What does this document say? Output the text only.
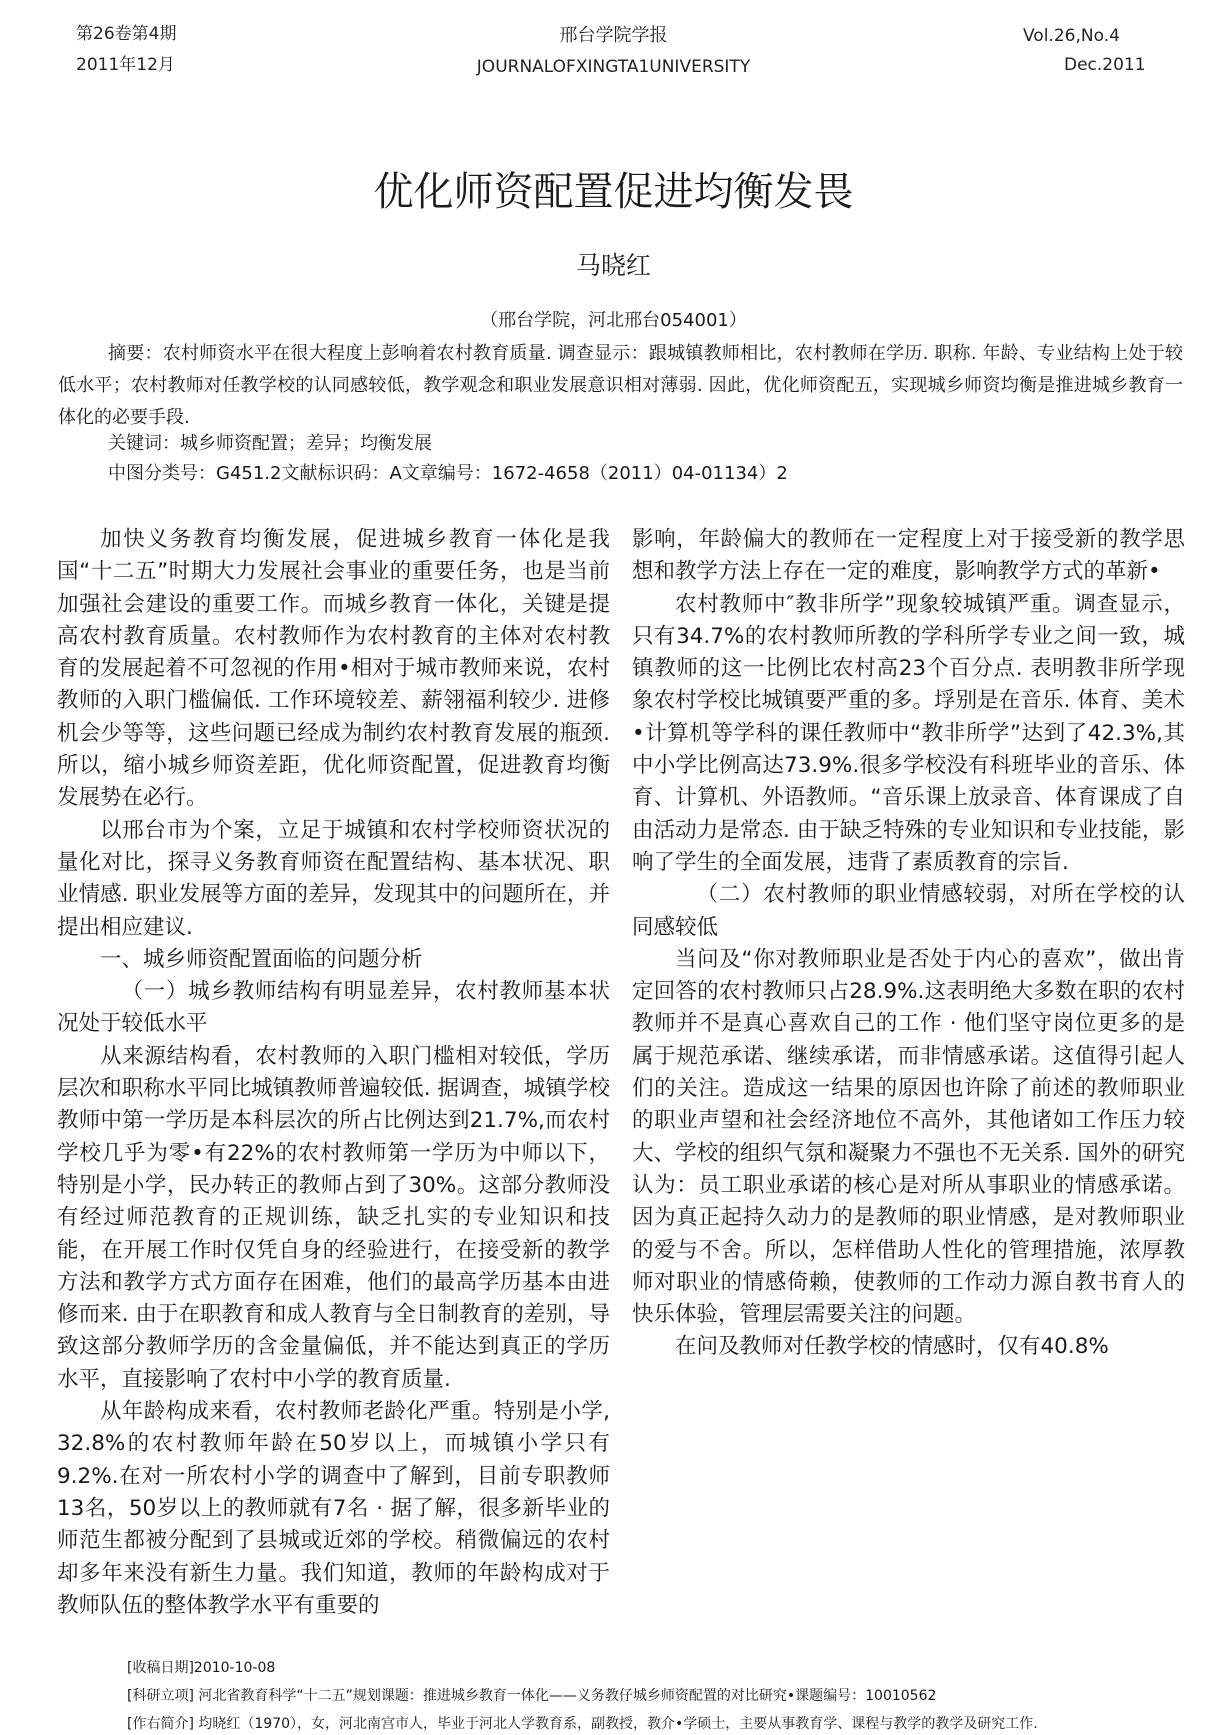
第26卷第4期
2011年12月
邢台学院学报
JOURNALOFXINGTA1UNIVERSITY
Vol.26,No.4
Dec.2011
优化师资配置促进均衡发畏
马晓红
（邢台学院，河北邢台054001）

摘要：农村师资水平在很大程度上彭响着农村教育质量. 调查显示：跟城镇教师相比，农村教师在学历. 职称. 年龄、专业结构上处于较低水平；农村教师对任教学校的认同感较低，教学观念和职业发展意识相对薄弱. 因此，优化师资配五，实现城乡师资均衡是推进城乡教育一体化的必要手段.

关键词：城乡师资配置；差异；均衡发展
中图分类号：G451.2文献标识码：A文章编号：1672-4658（2011）04-01134）2

加快义务教育均衡发展，促进城乡教育一体化是我国“十二五”时期大力发展社会事业的重要任务，也是当前加强社会建设的重要工作。而城乡教育一体化，关键是提高农村教育质量。农村教师作为农村教育的主体对农村教育的发展起着不可忽视的作用•相对于城市教师来说，农村教师的入职门槛偏低. 工作环境较差、薪翎福利较少. 进修机会少等等，这些问题已经成为制约农村教育发展的瓶颈. 所以，缩小城乡师资差距，优化师资配置，促进教育均衡发展势在必行。

以邢台市为个案，立足于城镇和农村学校师资状况的量化对比，探寻义务教育师资在配置结构、基本状况、职业情感. 职业发展等方面的差异，发现其中的问题所在，并提出相应建议.

一、城乡师资配置面临的问题分析

（一）城乡教师结构有明显差异，农村教师基本状况处于较低水平

从来源结构看，农村教师的入职门槛相对较低，学历层次和职称水平同比城镇教师普遍较低. 据调查，城镇学校教师中第一学历是本科层次的所占比例达到21.7%,而农村学校几乎为零•有22%的农村教师第一学历为中师以下，特别是小学，民办转正的教师占到了30%。这部分教师没有经过师范教育的正规训练，缺乏扎实的专业知识和技能，在开展工作时仅凭自身的经验进行，在接受新的教学方法和教学方式方面存在困难，他们的最高学历基本由进修而来. 由于在职教育和成人教育与全日制教育的差别，导致这部分教师学历的含金量偏低，并不能达到真正的学历水平，直接影响了农村中小学的教育质量.

从年龄构成来看，农村教师老龄化严重。特别是小学, 32.8%的农村教师年龄在50岁以上，而城镇小学只有9.2%.在对一所农村小学的调查中了解到，目前专职教师13名，50岁以上的教师就有7名 · 据了解，很多新毕业的师范生都被分配到了县城或近郊的学校。稍微偏远的农村却多年来没有新生力量。我们知道，教师的年龄构成对于教师队伍的整体教学水平有重要的

影响，年龄偏大的教师在一定程度上对于接受新的教学思想和教学方法上存在一定的难度，影响教学方式的革新•

农村教师中″教非所学”现象较城镇严重。调查显示，只有34.7%的农村教师所教的学科所学专业之间一致，城镇教师的这一比例比农村高23个百分点. 表明教非所学现象农村学校比城镇要严重的多。垺别是在音乐. 体育、美术•计算机等学科的课任教师中“教非所学”达到了42.3%,其中小学比例高达73.9%.很多学校没有科班毕业的音乐、体育、计算机、外语教师。“音乐课上放录音、体育课成了自由活动力是常态. 由于缺乏特殊的专业知识和专业技能，影响了学生的全面发展，违背了素质教育的宗旨.

（二）农村教师的职业情感较弱，对所在学校的认同感较低

当问及“你对教师职业是否处于内心的喜欢”，做出肯定回答的农村教师只占28.9%.这表明绝大多数在职的农村教师并不是真心喜欢自己的工作 · 他们坚守岗位更多的是属于规范承诺、继续承诺，而非情感承诺。这值得引起人们的关注。造成这一结果的原因也许除了前述的教师职业的职业声望和社会经济地位不高外，其他诸如工作压力较大、学校的组织气氛和凝聚力不强也不无关系. 国外的研究认为：员工职业承诺的核心是对所从事职业的情感承诺。因为真正起持久动力的是教师的职业情感，是对教师职业的爱与不舍。所以，怎样借助人性化的管理措施，浓厚教师对职业的情感倚赖，使教师的工作动力源自教书育人的快乐体验，管理层需要关注的问题。

在问及教师对任教学校的情感时，仅有40.8%

[收稿日期]2010-10-08
[科研立项] 河北省教育科学“十二五”规划课题：推进城乡教育一体化——义务教仔城乡师资配置的对比研究•课题编号：10010562
[作右简介] 均晓红（1970），女，河北南宫市人，毕业于河北人学教育系，副教授，教介•学硕士，主要从事教育学、课程与教学的教学及研究工作.
